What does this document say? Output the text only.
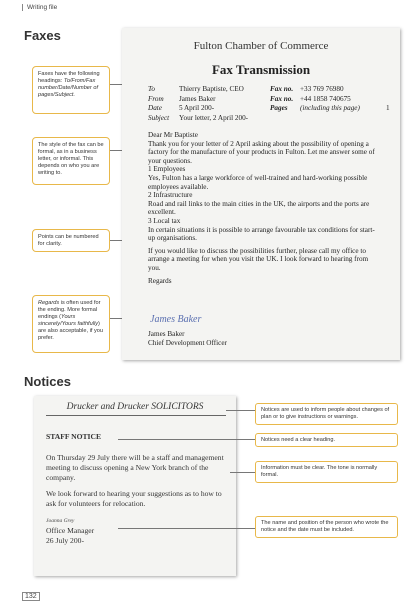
Writing file
Faxes
Faxes have the following headings: To/From/Fax number/Date/Number of pages/Subject.
The style of the fax can be formal, as in a business letter, or informal. This depends on who you are writing to.
Points can be numbered for clarity.
Regards is often used for the ending. More formal endings (Yours sincerely/Yours faithfully) are also acceptable, if you prefer.
Fulton Chamber of Commerce
Fax Transmission
To	Thierry Baptiste, CEO	Fax no. +33 769 76980
From James Baker	Fax no. +44 1858 740675
Date 5 April 200-	Pages (including this page)	1
Subject Your letter, 2 April 200-

Dear Mr Baptiste

Thank you for your letter of 2 April asking about the possibility of opening a factory for the manufacture of your products in Fulton. Let me answer some of your questions.

1 Employees

Yes, Fulton has a large workforce of well-trained and hard-working possible employees available.

2 Infrastructure

Road and rail links to the main cities in the UK, the airports and the ports are excellent.

3 Local tax

In certain situations it is possible to arrange favourable tax conditions for start-up organisations.

If you would like to discuss the possibilities further, please call my office to arrange a meeting for when you visit the UK. I look forward to hearing from you.

Regards

James Baker
James Baker
Chief Development Officer
Notices
Drucker and Drucker SOLICITORS
STAFF NOTICE
On Thursday 29 July there will be a staff and management meeting to discuss opening a New York branch of the company.
We look forward to hearing your suggestions as to how to ask for volunteers for relocation.
Joanna Grey
Office Manager
26 July 200-
Notices are used to inform people about changes of plan or to give instructions or warnings.
Notices need a clear heading.
Information must be clear. The tone is normally formal.
The name and position of the person who wrote the notice and the date must be included.
132
